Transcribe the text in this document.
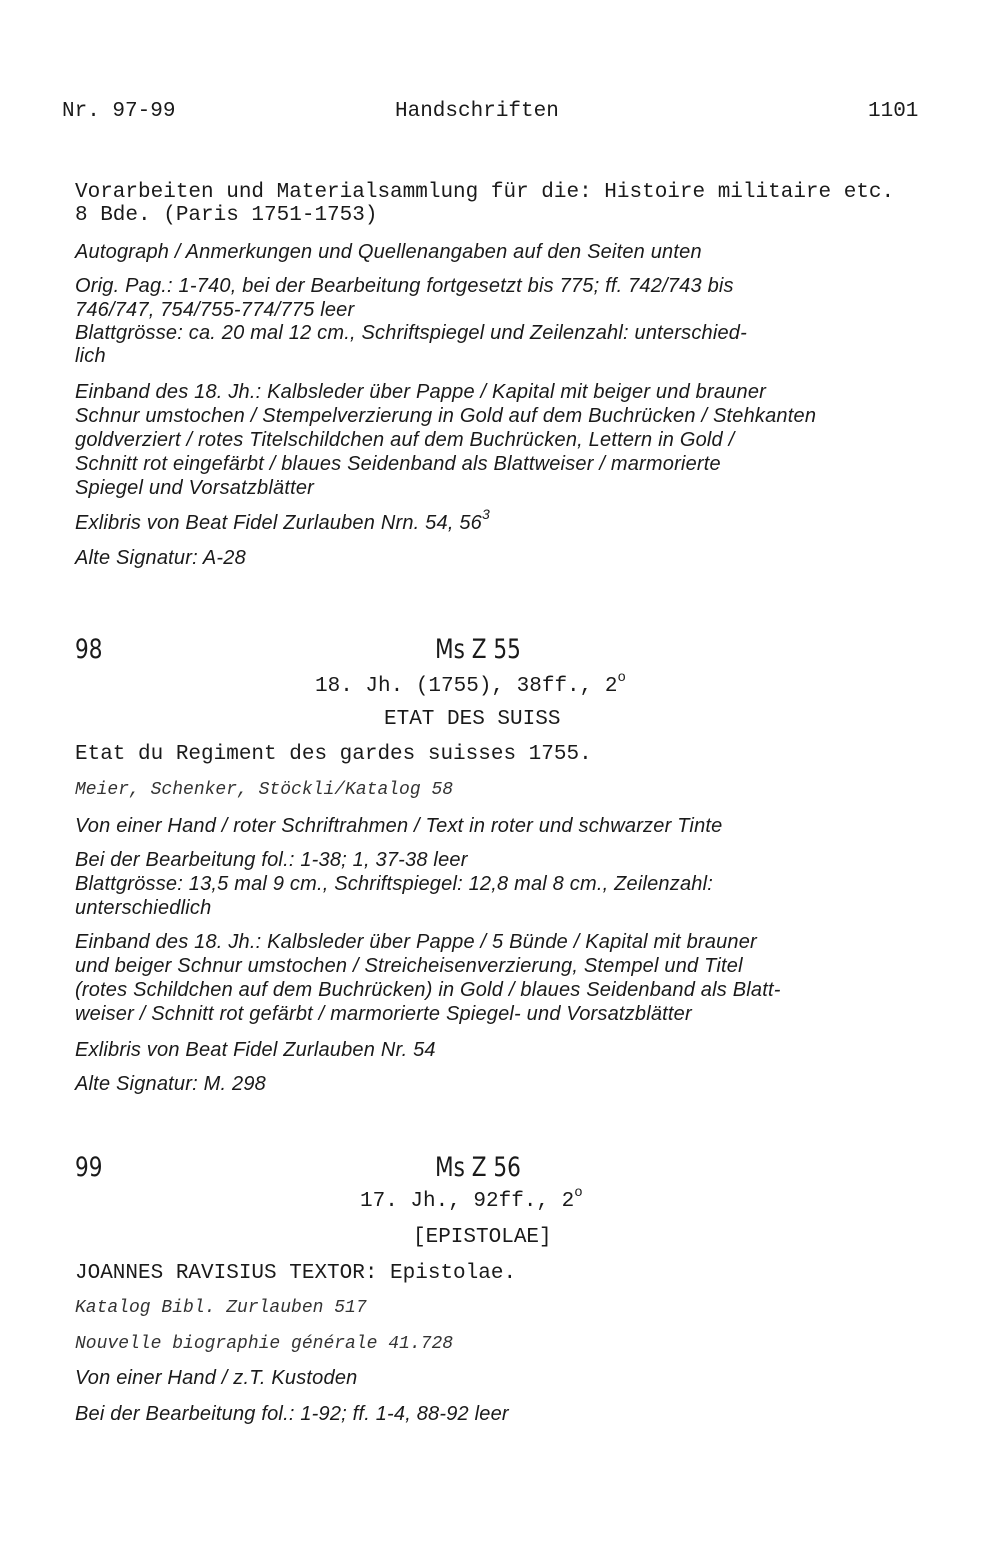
Nr. 97-99	Handschriften	1101
Vorarbeiten und Materialsammlung für die: Histoire militaire etc.
8 Bde. (Paris 1751-1753)
Autograph / Anmerkungen und Quellenangaben auf den Seiten unten
Orig. Pag.: 1-740, bei der Bearbeitung fortgesetzt bis 775; ff. 742/743 bis
746/747, 754/755-774/775 leer
Blattgrösse: ca. 20 mal 12 cm., Schriftspiegel und Zeilenzahl: unterschied-
lich
Einband des 18. Jh.: Kalbsleder über Pappe / Kapital mit beiger und brauner
Schnur umstochen / Stempelverzierung in Gold auf dem Buchrücken / Stehkanten
goldverziert / rotes Titelschildchen auf dem Buchrücken, Lettern in Gold /
Schnitt rot eingefärbt / blaues Seidenband als Blattweiser / marmorierte
Spiegel und Vorsatzblätter
Exlibris von Beat Fidel Zurlauben Nrn. 54, $56^3$
Alte Signatur: A-28
98	Ms Z 55
18. Jh. (1755), 38ff., 2$^o$
ETAT DES SUISS
Etat du Regiment des gardes suisses 1755.
Meier, Schenker, Stöckli/Katalog 58
Von einer Hand / roter Schriftrahmen / Text in roter und schwarzer Tinte
Bei der Bearbeitung fol.: 1-38; 1, 37-38 leer
Blattgrösse: 13,5 mal 9 cm., Schriftspiegel: 12,8 mal 8 cm., Zeilenzahl:
unterschiedlich
Einband des 18. Jh.: Kalbsleder über Pappe / 5 Bünde / Kapital mit brauner
und beiger Schnur umstochen / Streicheisenverzierung, Stempel und Titel
(rotes Schildchen auf dem Buchrücken) in Gold / blaues Seidenband als Blatt-
weiser / Schnitt rot gefärbt / marmorierte Spiegel- und Vorsatzblätter
Exlibris von Beat Fidel Zurlauben Nr. 54
Alte Signatur: M. 298
99	Ms Z 56
17. Jh., 92ff., 2$^o$
[EPISTOLAE]
JOANNES RAVISIUS TEXTOR: Epistolae.
Katalog Bibl. Zurlauben 517
Nouvelle biographie générale 41.728
Von einer Hand / z.T. Kustoden
Bei der Bearbeitung fol.: 1-92; ff. 1-4, 88-92 leer
